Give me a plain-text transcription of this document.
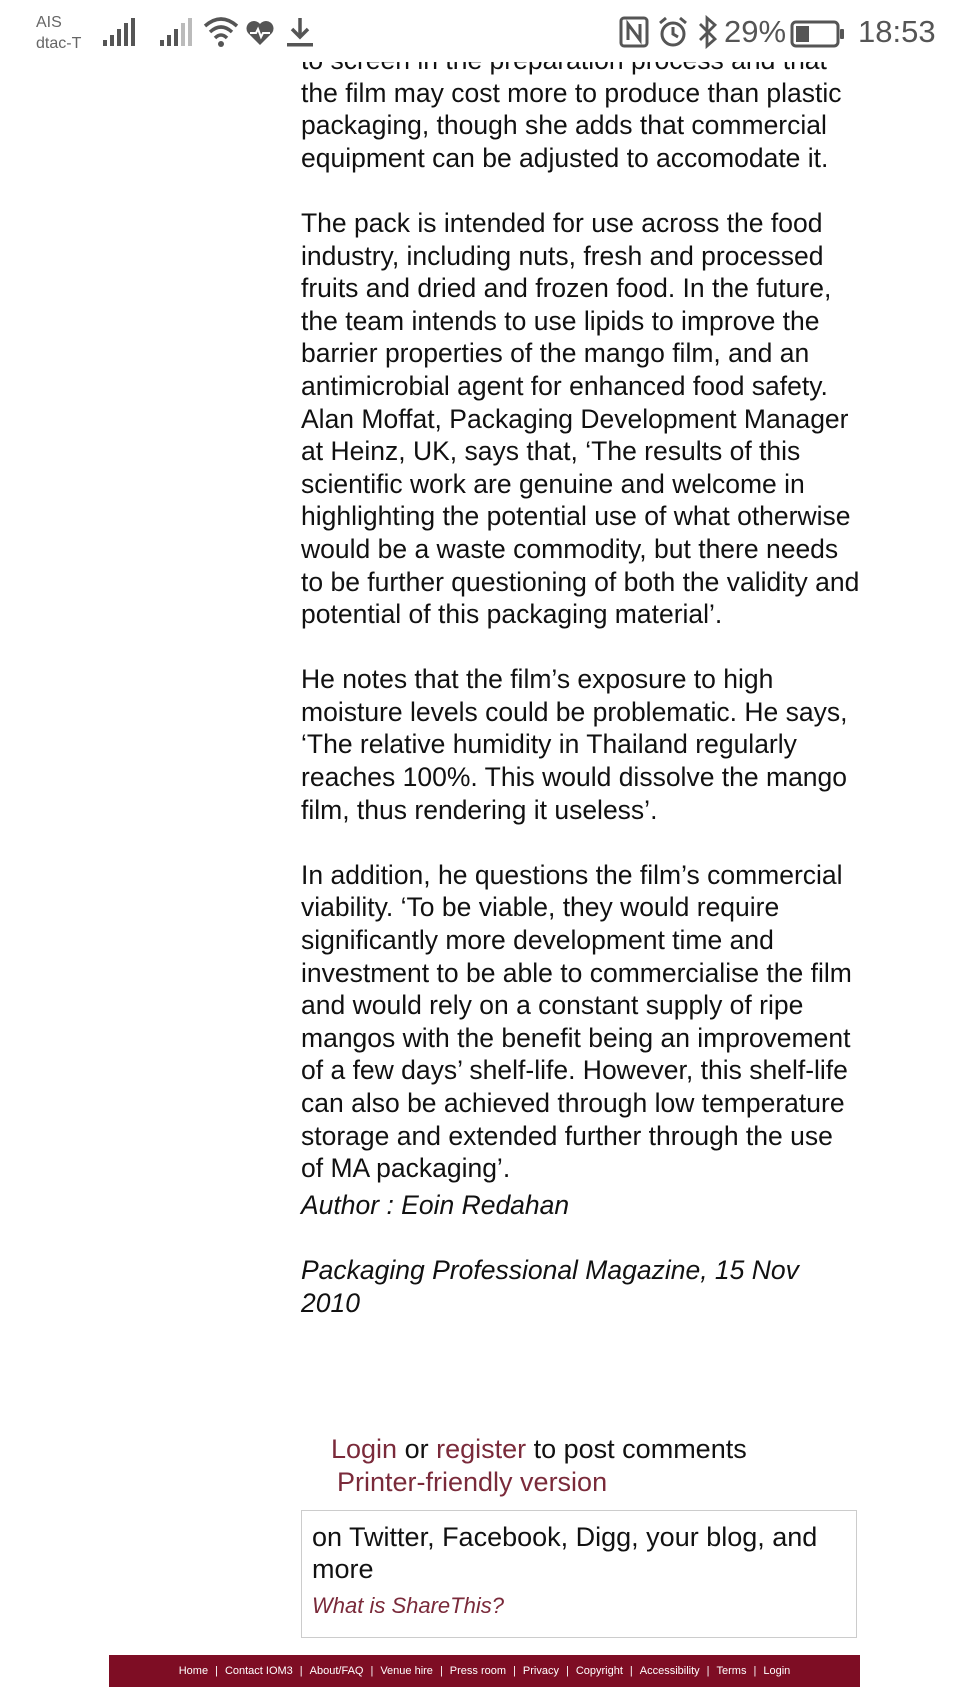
AIS
dtac-T	29% 18:53

the film may cost more to produce than plastic packaging, though she adds that commercial equipment can be adjusted to accomodate it.

The pack is intended for use across the food industry, including nuts, fresh and processed fruits and dried and frozen food. In the future, the team intends to use lipids to improve the barrier properties of the mango film, and an antimicrobial agent for enhanced food safety. Alan Moffat, Packaging Development Manager at Heinz, UK, says that, ‘The results of this scientific work are genuine and welcome in highlighting the potential use of what otherwise would be a waste commodity, but there needs to be further questioning of both the validity and potential of this packaging material’.

He notes that the film’s exposure to high moisture levels could be problematic. He says, ‘The relative humidity in Thailand regularly reaches 100%. This would dissolve the mango film, thus rendering it useless’.

In addition, he questions the film’s commercial viability. ‘To be viable, they would require significantly more development time and investment to be able to commercialise the film and would rely on a constant supply of ripe mangos with the benefit being an improvement of a few days’ shelf-life. However, this shelf-life can also be achieved through low temperature storage and extended further through the use of MA packaging’.

Author : Eoin Redahan

Packaging Professional Magazine, 15 Nov 2010

Login or register to post comments
Printer-friendly version
on Twitter, Facebook, Digg, your blog, and more
What is ShareThis?
Home | Contact IOM3 | About/FAQ | Venue hire | Press room | Privacy | Copyright | Accessibility | Terms | Login
